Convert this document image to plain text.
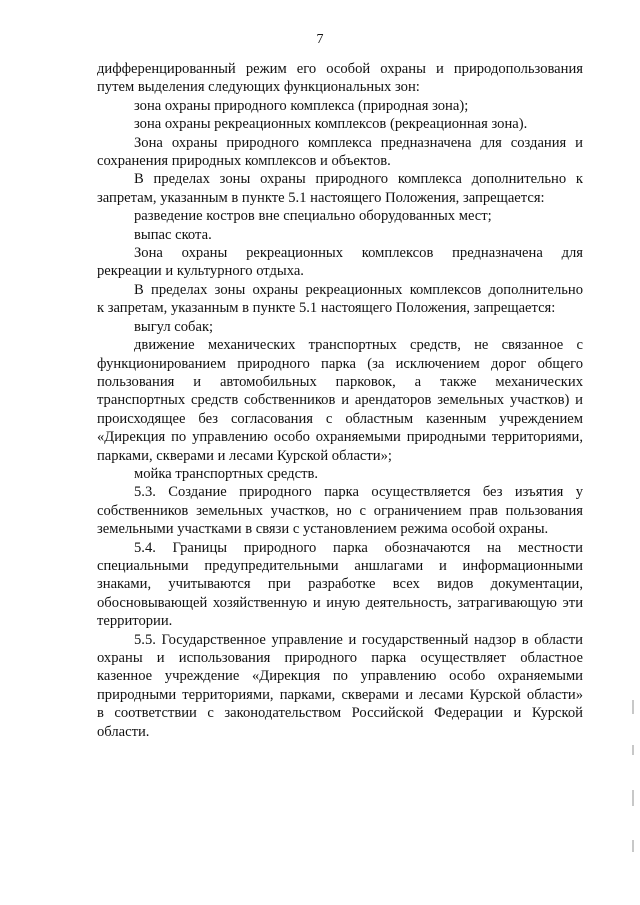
7
дифференцированный режим его особой охраны и природопользования
путем выделения следующих функциональных зон:
зона охраны природного комплекса (природная зона);
зона охраны рекреационных комплексов (рекреационная зона).
Зона охраны природного комплекса предназначена для создания и
сохранения природных комплексов и объектов.
В пределах зоны охраны природного комплекса дополнительно к
запретам, указанным в пункте 5.1 настоящего Положения, запрещается:
разведение костров вне специально оборудованных мест;
выпас скота.
Зона охраны рекреационных комплексов предназначена для
рекреации и культурного отдыха.
В пределах зоны охраны рекреационных комплексов дополнительно
к запретам, указанным в пункте 5.1 настоящего Положения, запрещается:
выгул собак;
движение механических транспортных средств, не связанное с
функционированием природного парка (за исключением дорог общего
пользования и автомобильных парковок, а также механических
транспортных средств собственников и арендаторов земельных участков) и
происходящее без согласования с областным казенным учреждением
«Дирекция по управлению особо охраняемыми природными территориями,
парками, скверами и лесами Курской области»;
мойка транспортных средств.
5.3. Создание природного парка осуществляется без изъятия у
собственников земельных участков, но с ограничением прав пользования
земельными участками в связи с установлением режима особой охраны.
5.4. Границы природного парка обозначаются на местности
специальными предупредительными аншлагами и информационными
знаками, учитываются при разработке всех видов документации,
обосновывающей хозяйственную и иную деятельность, затрагивающую эти
территории.
5.5. Государственное управление и государственный надзор в области
охраны и использования природного парка осуществляет областное
казенное учреждение «Дирекция по управлению особо охраняемыми
природными территориями, парками, скверами и лесами Курской области»
в соответствии с законодательством Российской Федерации и Курской
области.
